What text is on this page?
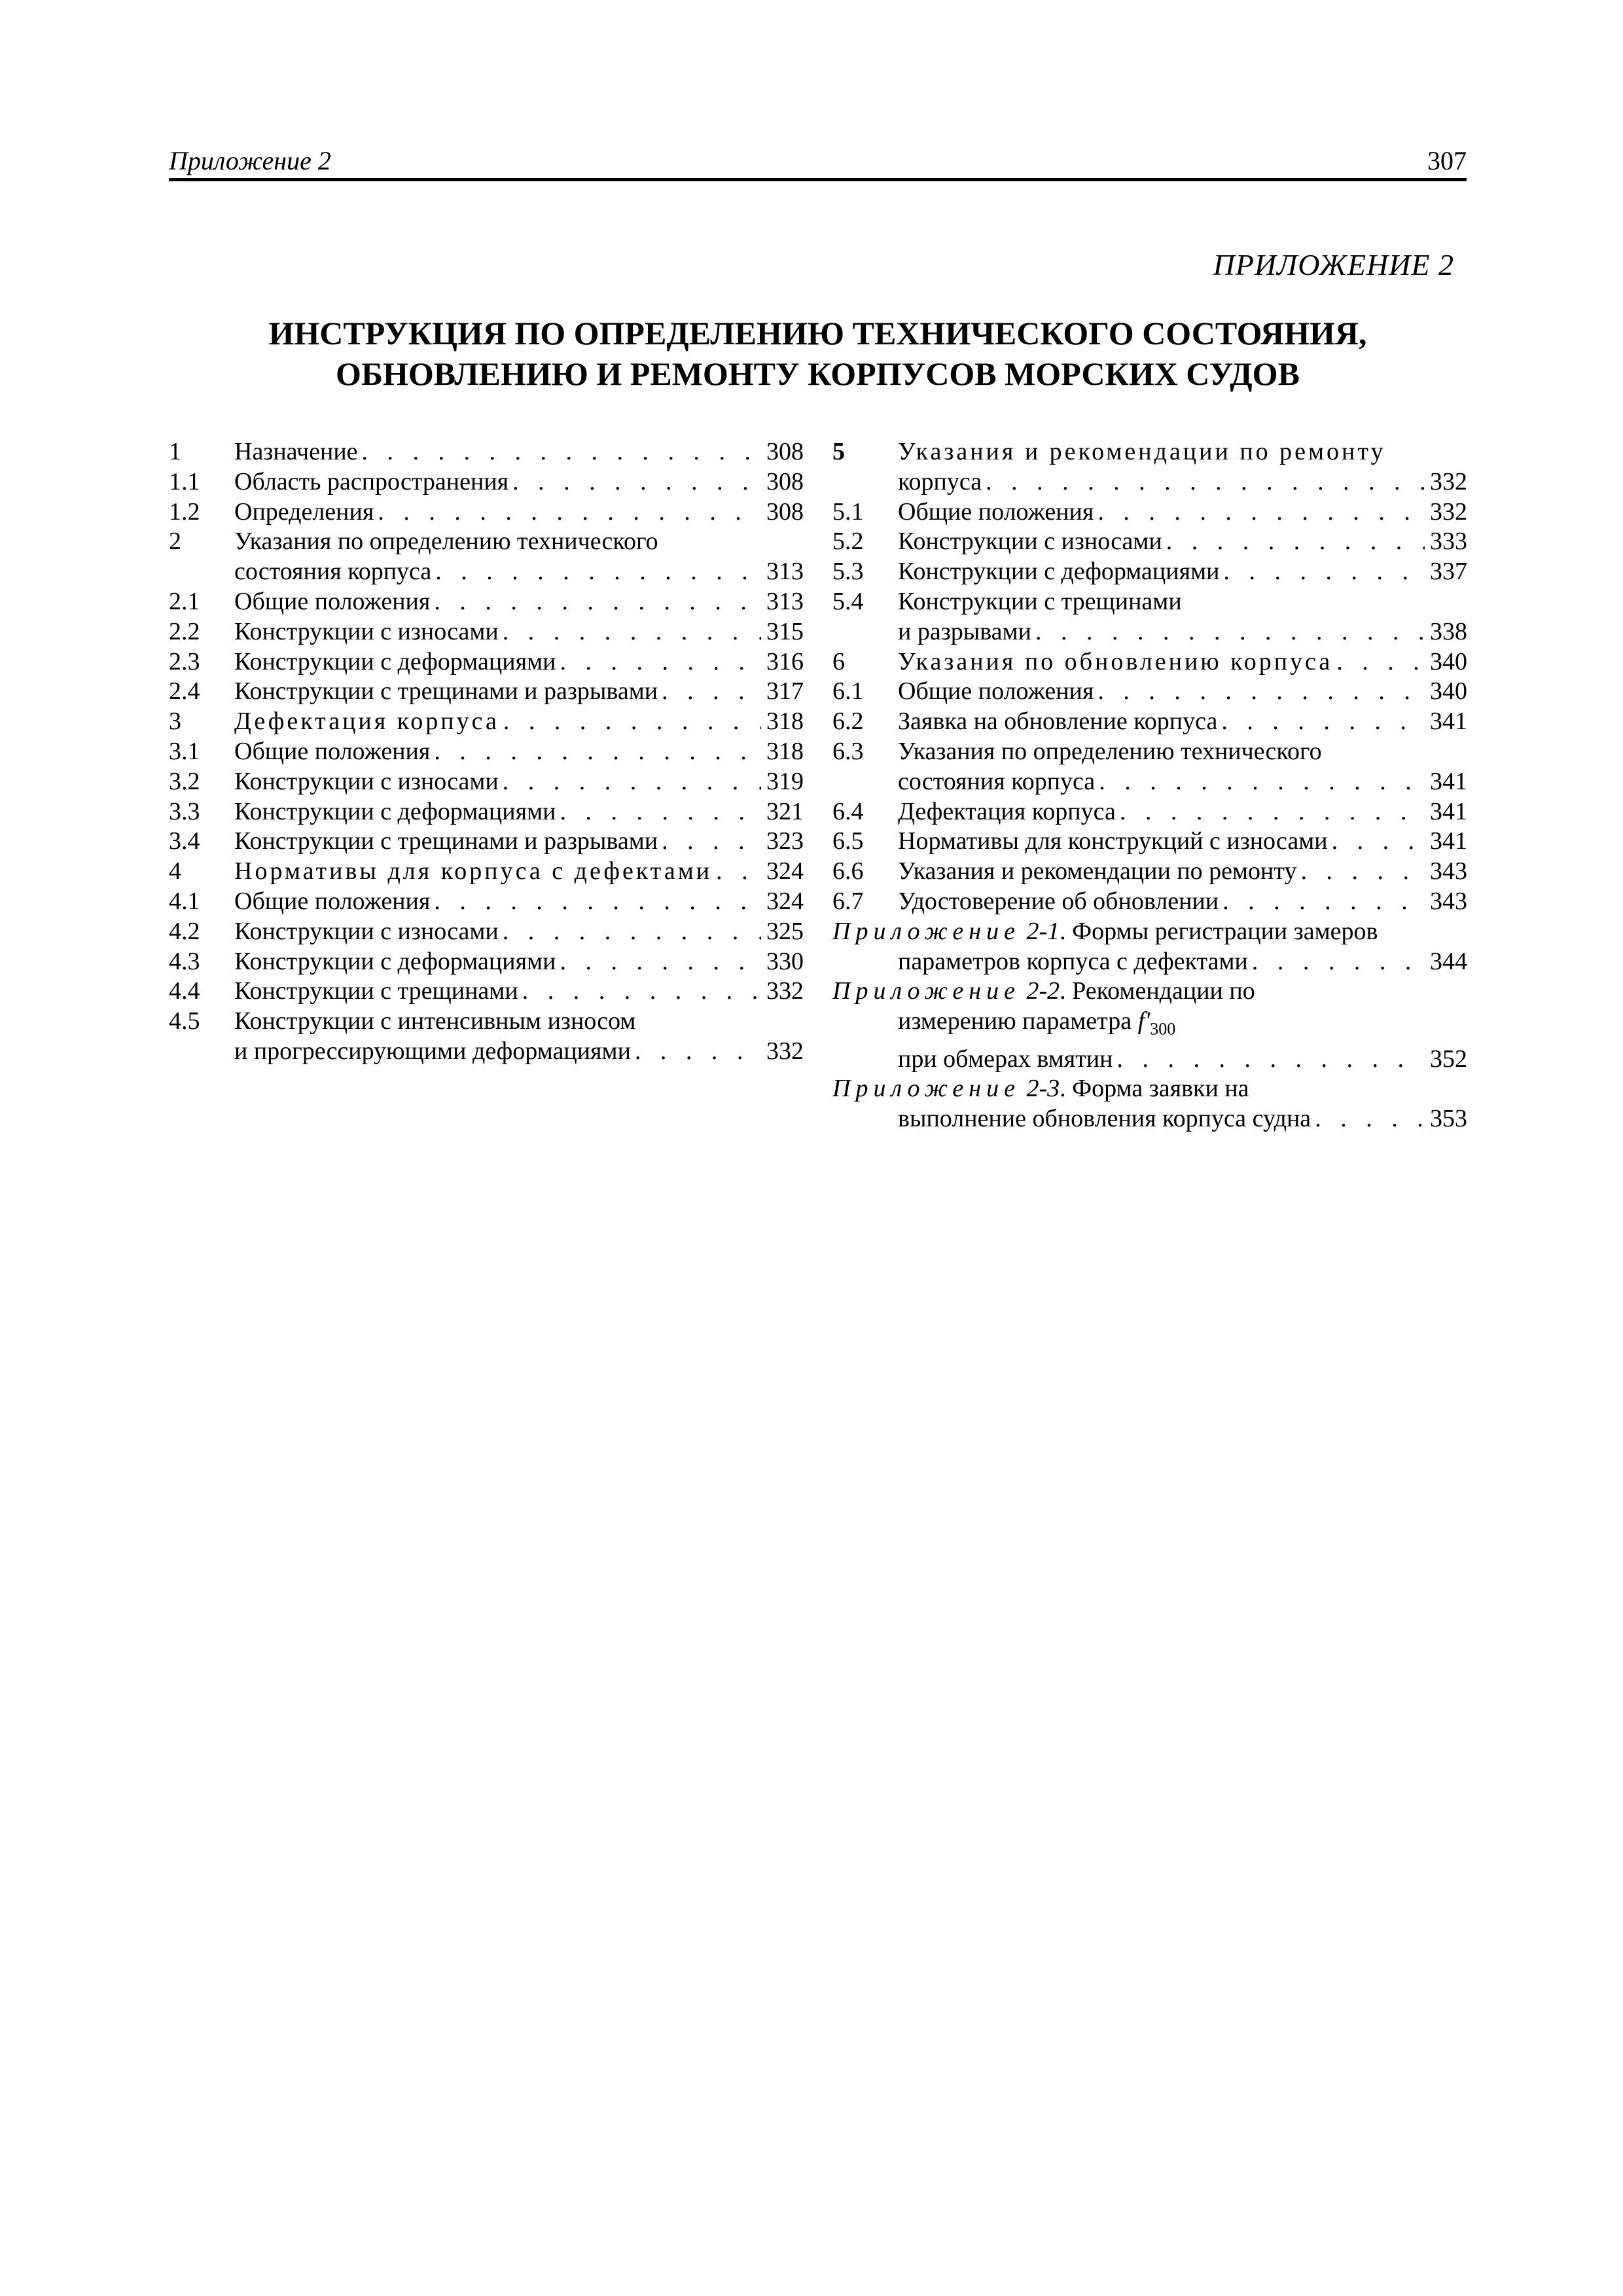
Приложение 2	307
ПРИЛОЖЕНИЕ 2
ИНСТРУКЦИЯ ПО ОПРЕДЕЛЕНИЮ ТЕХНИЧЕСКОГО СОСТОЯНИЯ,
ОБНОВЛЕНИЮ И РЕМОНТУ КОРПУСОВ МОРСКИХ СУДОВ
1	Назначение . . .	308
1.1	Область распространения . . .	308
1.2	Определения . . .	308
2	Указания по определению технического
состояния корпуса . . .	313
2.1	Общие положения . . .	313
2.2	Конструкции с износами . . .	315
2.3	Конструкции с деформациями . . .	316
2.4	Конструкции с трещинами и разрывами . . .	317
3	Дефектация корпуса . . .	318
3.1	Общие положения . . .	318
3.2	Конструкции с износами . . .	319
3.3	Конструкции с деформациями . . .	321
3.4	Конструкции с трещинами и разрывами . . .	323
4	Нормативы для корпуса с дефектами . . . 324
4.1	Общие положения . . .	324
4.2	Конструкции с износами . . .	325
4.3	Конструкции с деформациями . . .	330
4.4	Конструкции с трещинами . . .	332
4.5	Конструкции с интенсивным износом
и прогрессирующими деформациями . . .	332
5	Указания и рекомендации по ремонту
корпуса . . .	332
5.1	Общие положения . . .	332
5.2	Конструкции с износами . . .	333
5.3	Конструкции с деформациями . . .	337
5.4	Конструкции с трещинами
и разрывами . . .	338
6	Указания по обновлению корпуса . . .	340
6.1	Общие положения . . .	340
6.2	Заявка на обновление корпуса . . .	341
6.3	Указания по определению технического
состояния корпуса . . .	341
6.4	Дефектация корпуса . . .	341
6.5	Нормативы для конструкций с износами . . .	341
6.6	Указания и рекомендации по ремонту . . .	343
6.7	Удостоверение об обновлении . . .	343
Приложение 2-1. Формы регистрации замеров
параметров корпуса с дефектами . . .	344
Приложение 2-2. Рекомендации по
измерению параметра
$f'_{300}$
при обмерах вмятин . . .	352
Приложение 2-3. Форма заявки на
выполнение обновления корпуса судна . . .	353
